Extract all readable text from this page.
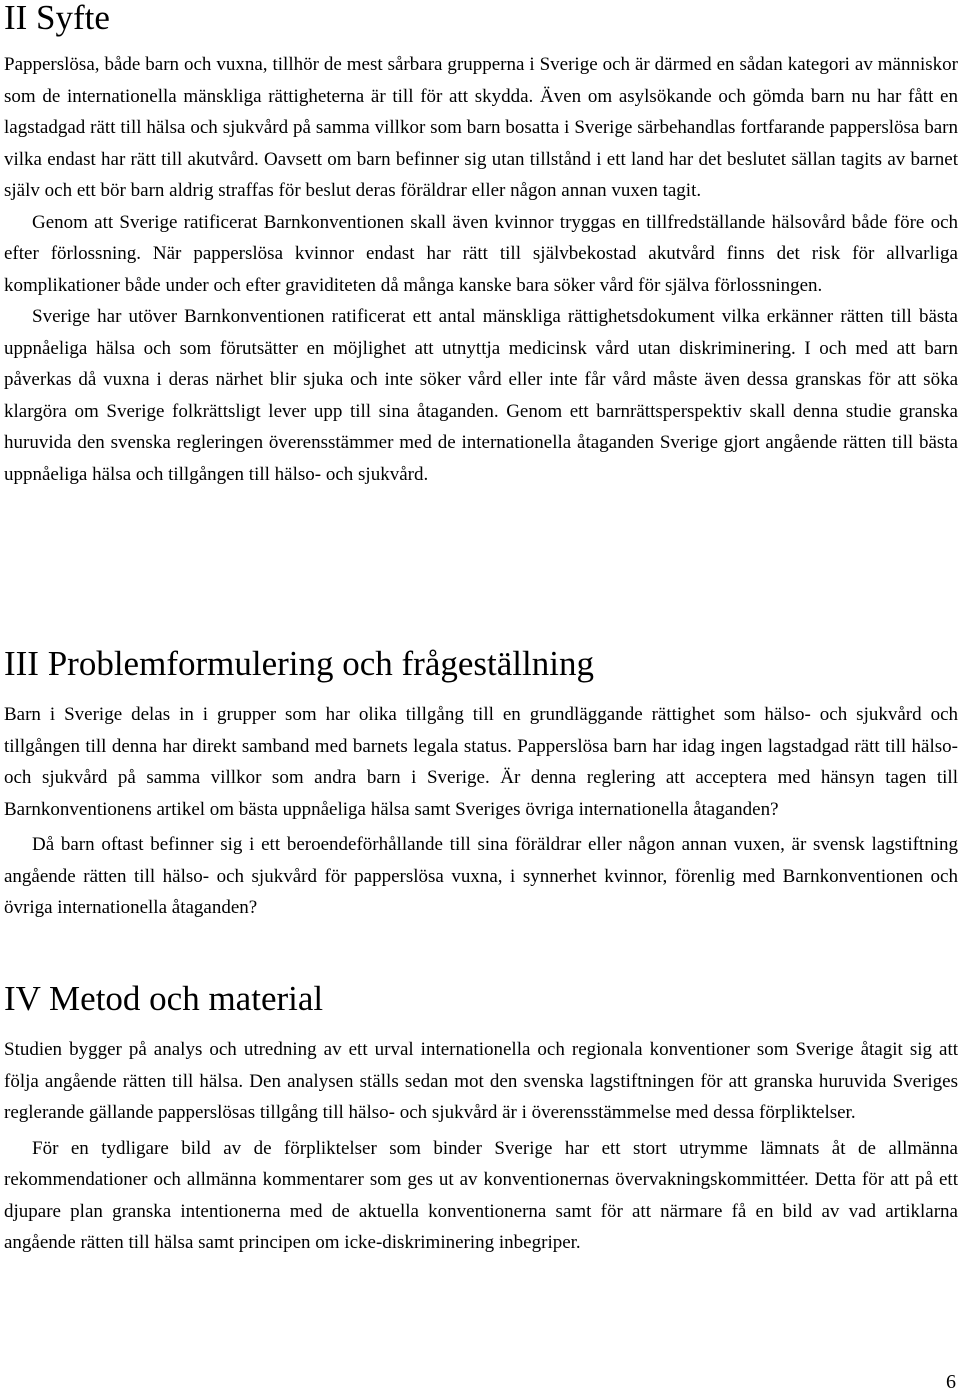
II Syfte

Papperslösa, både barn och vuxna, tillhör de mest sårbara grupperna i Sverige och är därmed en sådan kategori av människor som de internationella mänskliga rättigheterna är till för att skydda. Även om asylsökande och gömda barn nu har fått en lagstadgad rätt till hälsa och sjukvård på samma villkor som barn bosatta i Sverige särbehandlas fortfarande papperslösa barn vilka endast har rätt till akutvård. Oavsett om barn befinner sig utan tillstånd i ett land har det beslutet sällan tagits av barnet själv och ett bör barn aldrig straffas för beslut deras föräldrar eller någon annan vuxen tagit.

Genom att Sverige ratificerat Barnkonventionen skall även kvinnor tryggas en tillfredställande hälsovård både före och efter förlossning. När papperslösa kvinnor endast har rätt till självbekostad akutvård finns det risk för allvarliga komplikationer både under och efter graviditeten då många kanske bara söker vård för själva förlossningen.

Sverige har utöver Barnkonventionen ratificerat ett antal mänskliga rättighetsdokument vilka erkänner rätten till bästa uppnåeliga hälsa och som förutsätter en möjlighet att utnyttja medicinsk vård utan diskriminering. I och med att barn påverkas då vuxna i deras närhet blir sjuka och inte söker vård eller inte får vård måste även dessa granskas för att söka klargöra om Sverige folkrättsligt lever upp till sina åtaganden. Genom ett barnrättsperspektiv skall denna studie granska huruvida den svenska regleringen överensstämmer med de internationella åtaganden Sverige gjort angående rätten till bästa uppnåeliga hälsa och tillgången till hälso- och sjukvård.

III Problemformulering och frågeställning

Barn i Sverige delas in i grupper som har olika tillgång till en grundläggande rättighet som hälso- och sjukvård och tillgången till denna har direkt samband med barnets legala status. Papperslösa barn har idag ingen lagstadgad rätt till hälso- och sjukvård på samma villkor som andra barn i Sverige. Är denna reglering att acceptera med hänsyn tagen till Barnkonventionens artikel om bästa uppnåeliga hälsa samt Sveriges övriga internationella åtaganden?

Då barn oftast befinner sig i ett beroendeförhållande till sina föräldrar eller någon annan vuxen, är svensk lagstiftning angående rätten till hälso- och sjukvård för papperslösa vuxna, i synnerhet kvinnor, förenlig med Barnkonventionen och övriga internationella åtaganden?

IV Metod och material

Studien bygger på analys och utredning av ett urval internationella och regionala konventioner som Sverige åtagit sig att följa angående rätten till hälsa. Den analysen ställs sedan mot den svenska lagstiftningen för att granska huruvida Sveriges reglerande gällande papperslösas tillgång till hälso- och sjukvård är i överensstämmelse med dessa förpliktelser.

För en tydligare bild av de förpliktelser som binder Sverige har ett stort utrymme lämnats åt de allmänna rekommendationer och allmänna kommentarer som ges ut av konventionernas övervakningskommittéer. Detta för att på ett djupare plan granska intentionerna med de aktuella konventionerna samt för att närmare få en bild av vad artiklarna angående rätten till hälsa samt principen om icke-diskriminering inbegriper.

6
